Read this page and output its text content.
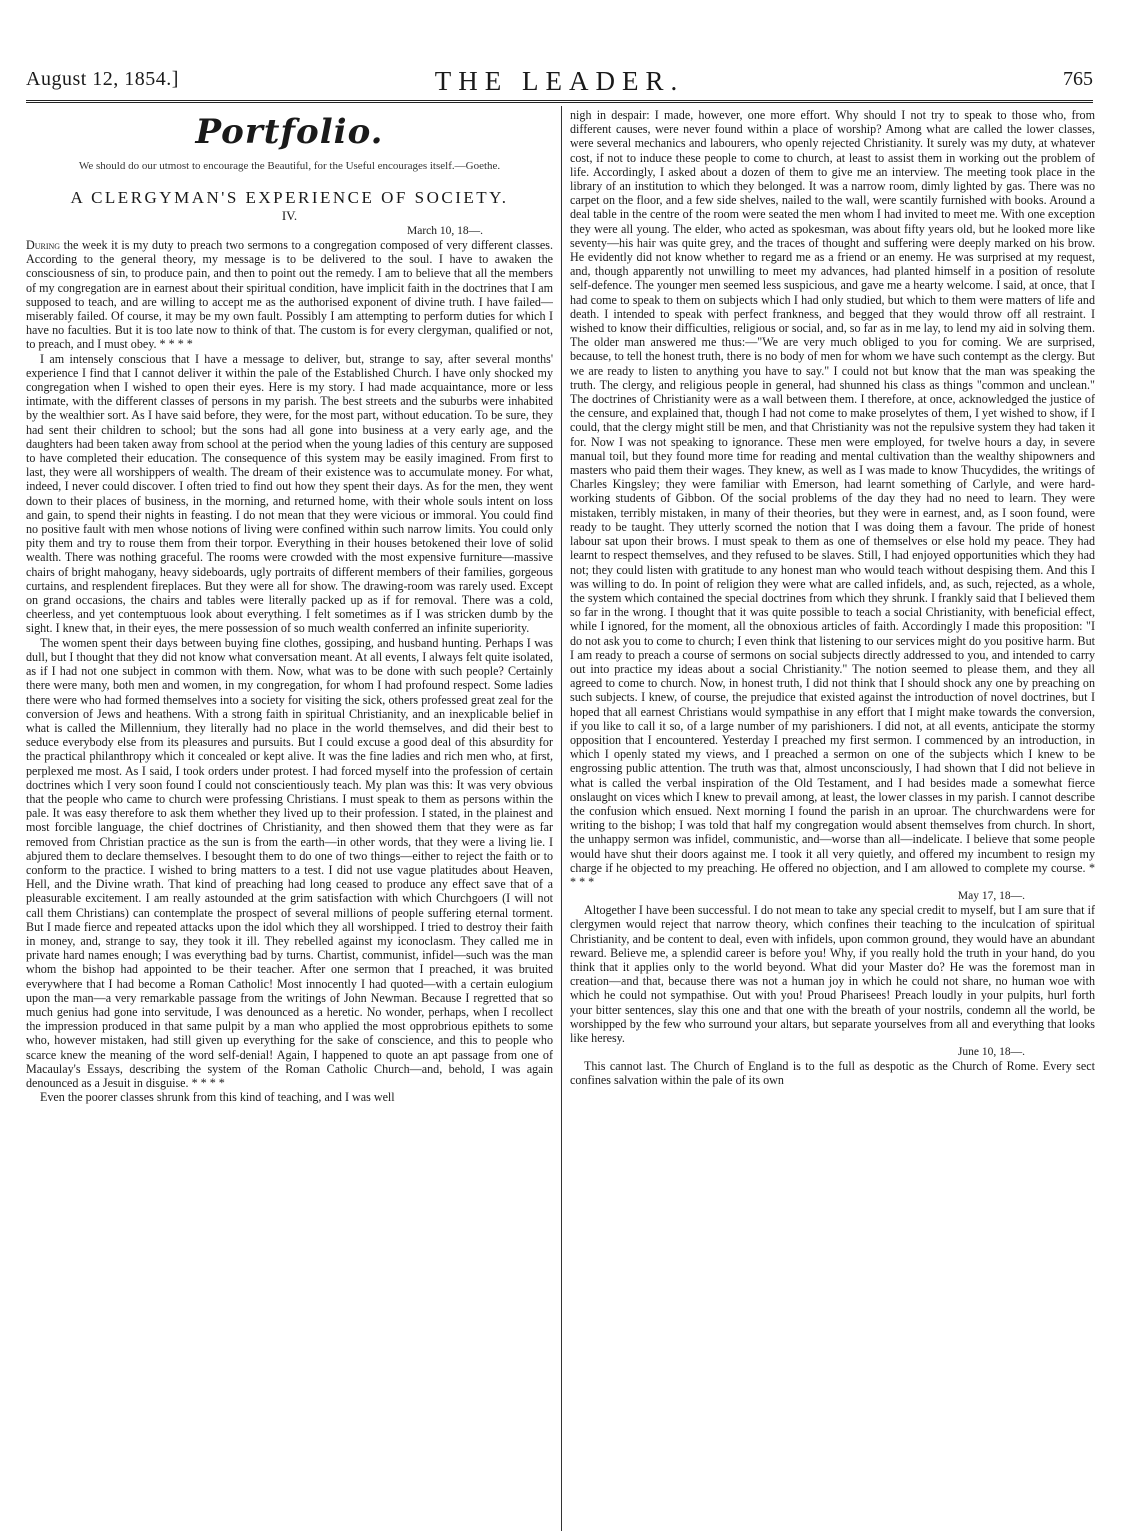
August 12, 1854.]	THE LEADER.	765
Portfolio.
We should do our utmost to encourage the Beautiful, for the Useful encourages itself.—Goethe.
A CLERGYMAN'S EXPERIENCE OF SOCIETY.
IV.
March 10, 18—.

During the week it is my duty to preach two sermons to a congregation composed of very different classes. According to the general theory, my message is to be delivered to the soul. I have to awaken the consciousness of sin, to produce pain, and then to point out the remedy. I am to believe that all the members of my congregation are in earnest about their spiritual condition, have implicit faith in the doctrines that I am supposed to teach, and are willing to accept me as the authorised exponent of divine truth. I have failed—miserably failed. Of course, it may be my own fault. Possibly I am attempting to perform duties for which I have no faculties. But it is too late now to think of that. The custom is for every clergyman, qualified or not, to preach, and I must obey. * * * *

I am intensely conscious that I have a message to deliver, but, strange to say, after several months' experience I find that I cannot deliver it within the pale of the Established Church. I have only shocked my congregation when I wished to open their eyes. Here is my story. I had made acquaintance, more or less intimate, with the different classes of persons in my parish. The best streets and the suburbs were inhabited by the wealthier sort. As I have said before, they were, for the most part, without education. To be sure, they had sent their children to school; but the sons had all gone into business at a very early age, and the daughters had been taken away from school at the period when the young ladies of this century are supposed to have completed their education. The consequence of this system may be easily imagined. From first to last, they were all worshippers of wealth. The dream of their existence was to accumulate money. For what, indeed, I never could discover. I often tried to find out how they spent their days. As for the men, they went down to their places of business, in the morning, and returned home, with their whole souls intent on loss and gain, to spend their nights in feasting. I do not mean that they were vicious or immoral. You could find no positive fault with men whose notions of living were confined within such narrow limits. You could only pity them and try to rouse them from their torpor. Everything in their houses betokened their love of solid wealth. There was nothing graceful. The rooms were crowded with the most expensive furniture—massive chairs of bright mahogany, heavy sideboards, ugly portraits of different members of their families, gorgeous curtains, and resplendent fireplaces. But they were all for show. The drawing-room was rarely used. Except on grand occasions, the chairs and tables were literally packed up as if for removal. There was a cold, cheerless, and yet contemptuous look about everything. I felt sometimes as if I was stricken dumb by the sight. I knew that, in their eyes, the mere possession of so much wealth conferred an infinite superiority.

The women spent their days between buying fine clothes, gossiping, and husband hunting. Perhaps I was dull, but I thought that they did not know what conversation meant. At all events, I always felt quite isolated, as if I had not one subject in common with them. Now, what was to be done with such people? Certainly there were many, both men and women, in my congregation, for whom I had profound respect. Some ladies there were who had formed themselves into a society for visiting the sick, others professed great zeal for the conversion of Jews and heathens. With a strong faith in spiritual Christianity, and an inexplicable belief in what is called the Millennium, they literally had no place in the world themselves, and did their best to seduce everybody else from its pleasures and pursuits. But I could excuse a good deal of this absurdity for the practical philanthropy which it concealed or kept alive. It was the fine ladies and rich men who, at first, perplexed me most. As I said, I took orders under protest. I had forced myself into the profession of certain doctrines which I very soon found I could not conscientiously teach. My plan was this: It was very obvious that the people who came to church were professing Christians. I must speak to them as persons within the pale. It was easy therefore to ask them whether they lived up to their profession. I stated, in the plainest and most forcible language, the chief doctrines of Christianity, and then showed them that they were as far removed from Christian practice as the sun is from the earth—in other words, that they were a living lie. I abjured them to declare themselves. I besought them to do one of two things—either to reject the faith or to conform to the practice. I wished to bring matters to a test. I did not use vague platitudes about Heaven, Hell, and the Divine wrath. That kind of preaching had long ceased to produce any effect save that of a pleasurable excitement. I am really astounded at the grim satisfaction with which Churchgoers (I will not call them Christians) can contemplate the prospect of several millions of people suffering eternal torment. But I made fierce and repeated attacks upon the idol which they all worshipped. I tried to destroy their faith in money, and, strange to say, they took it ill. They rebelled against my iconoclasm. They called me in private hard names enough; I was everything bad by turns. Chartist, communist, infidel—such was the man whom the bishop had appointed to be their teacher. After one sermon that I preached, it was bruited everywhere that I had become a Roman Catholic! Most innocently I had quoted—with a certain eulogium upon the man—a very remarkable passage from the writings of John Newman. Because I regretted that so much genius had gone into servitude, I was denounced as a heretic. No wonder, perhaps, when I recollect the impression produced in that same pulpit by a man who applied the most opprobrious epithets to some who, however mistaken, had still given up everything for the sake of conscience, and this to people who scarce knew the meaning of the word self-denial! Again, I happened to quote an apt passage from one of Macaulay's Essays, describing the system of the Roman Catholic Church—and, behold, I was again denounced as a Jesuit in disguise. * * * *

Even the poorer classes shrunk from this kind of teaching, and I was well

nigh in despair: I made, however, one more effort. Why should I not try to speak to those who, from different causes, were never found within a place of worship? Among what are called the lower classes, were several mechanics and labourers, who openly rejected Christianity. It surely was my duty, at whatever cost, if not to induce these people to come to church, at least to assist them in working out the problem of life. Accordingly, I asked about a dozen of them to give me an interview. The meeting took place in the library of an institution to which they belonged. It was a narrow room, dimly lighted by gas. There was no carpet on the floor, and a few side shelves, nailed to the wall, were scantily furnished with books. Around a deal table in the centre of the room were seated the men whom I had invited to meet me. With one exception they were all young. The elder, who acted as spokesman, was about fifty years old, but he looked more like seventy—his hair was quite grey, and the traces of thought and suffering were deeply marked on his brow. He evidently did not know whether to regard me as a friend or an enemy. He was surprised at my request, and, though apparently not unwilling to meet my advances, had planted himself in a position of resolute self-defence. The younger men seemed less suspicious, and gave me a hearty welcome. I said, at once, that I had come to speak to them on subjects which I had only studied, but which to them were matters of life and death. I intended to speak with perfect frankness, and begged that they would throw off all restraint. I wished to know their difficulties, religious or social, and, so far as in me lay, to lend my aid in solving them. The older man answered me thus:—"We are very much obliged to you for coming. We are surprised, because, to tell the honest truth, there is no body of men for whom we have such contempt as the clergy. But we are ready to listen to anything you have to say." I could not but know that the man was speaking the truth. The clergy, and religious people in general, had shunned his class as things "common and unclean." The doctrines of Christianity were as a wall between them. I therefore, at once, acknowledged the justice of the censure, and explained that, though I had not come to make proselytes of them, I yet wished to show, if I could, that the clergy might still be men, and that Christianity was not the repulsive system they had taken it for. Now I was not speaking to ignorance. These men were employed, for twelve hours a day, in severe manual toil, but they found more time for reading and mental cultivation than the wealthy shipowners and masters who paid them their wages. They knew, as well as I was made to know Thucydides, the writings of Charles Kingsley; they were familiar with Emerson, had learnt something of Carlyle, and were hard-working students of Gibbon. Of the social problems of the day they had no need to learn. They were mistaken, terribly mistaken, in many of their theories, but they were in earnest, and, as I soon found, were ready to be taught. They utterly scorned the notion that I was doing them a favour. The pride of honest labour sat upon their brows. I must speak to them as one of themselves or else hold my peace. They had learnt to respect themselves, and they refused to be slaves. Still, I had enjoyed opportunities which they had not; they could listen with gratitude to any honest man who would teach without despising them. And this I was willing to do. In point of religion they were what are called infidels, and, as such, rejected, as a whole, the system which contained the special doctrines from which they shrunk. I frankly said that I believed them so far in the wrong. I thought that it was quite possible to teach a social Christianity, with beneficial effect, while I ignored, for the moment, all the obnoxious articles of faith. Accordingly I made this proposition: "I do not ask you to come to church; I even think that listening to our services might do you positive harm. But I am ready to preach a course of sermons on social subjects directly addressed to you, and intended to carry out into practice my ideas about a social Christianity." The notion seemed to please them, and they all agreed to come to church. Now, in honest truth, I did not think that I should shock any one by preaching on such subjects. I knew, of course, the prejudice that existed against the introduction of novel doctrines, but I hoped that all earnest Christians would sympathise in any effort that I might make towards the conversion, if you like to call it so, of a large number of my parishioners. I did not, at all events, anticipate the stormy opposition that I encountered. Yesterday I preached my first sermon. I commenced by an introduction, in which I openly stated my views, and I preached a sermon on one of the subjects which I knew to be engrossing public attention. The truth was that, almost unconsciously, I had shown that I did not believe in what is called the verbal inspiration of the Old Testament, and I had besides made a somewhat fierce onslaught on vices which I knew to prevail among, at least, the lower classes in my parish. I cannot describe the confusion which ensued. Next morning I found the parish in an uproar. The churchwardens were for writing to the bishop; I was told that half my congregation would absent themselves from church. In short, the unhappy sermon was infidel, communistic, and—worse than all—indelicate. I believe that some people would have shut their doors against me. I took it all very quietly, and offered my incumbent to resign my charge if he objected to my preaching. He offered no objection, and I am allowed to complete my course. * * * *

May 17, 18—.

Altogether I have been successful. I do not mean to take any special credit to myself, but I am sure that if clergymen would reject that narrow theory, which confines their teaching to the inculcation of spiritual Christianity, and be content to deal, even with infidels, upon common ground, they would have an abundant reward. Believe me, a splendid career is before you! Why, if you really hold the truth in your hand, do you think that it applies only to the world beyond. What did your Master do? He was the foremost man in creation—and that, because there was not a human joy in which he could not share, no human woe with which he could not sympathise. Out with you! Proud Pharisees! Preach loudly in your pulpits, hurl forth your bitter sentences, slay this one and that one with the breath of your nostrils, condemn all the world, be worshipped by the few who surround your altars, but separate yourselves from all and everything that looks like heresy.

June 10, 18—.

This cannot last. The Church of England is to the full as despotic as the Church of Rome. Every sect confines salvation within the pale of its own
